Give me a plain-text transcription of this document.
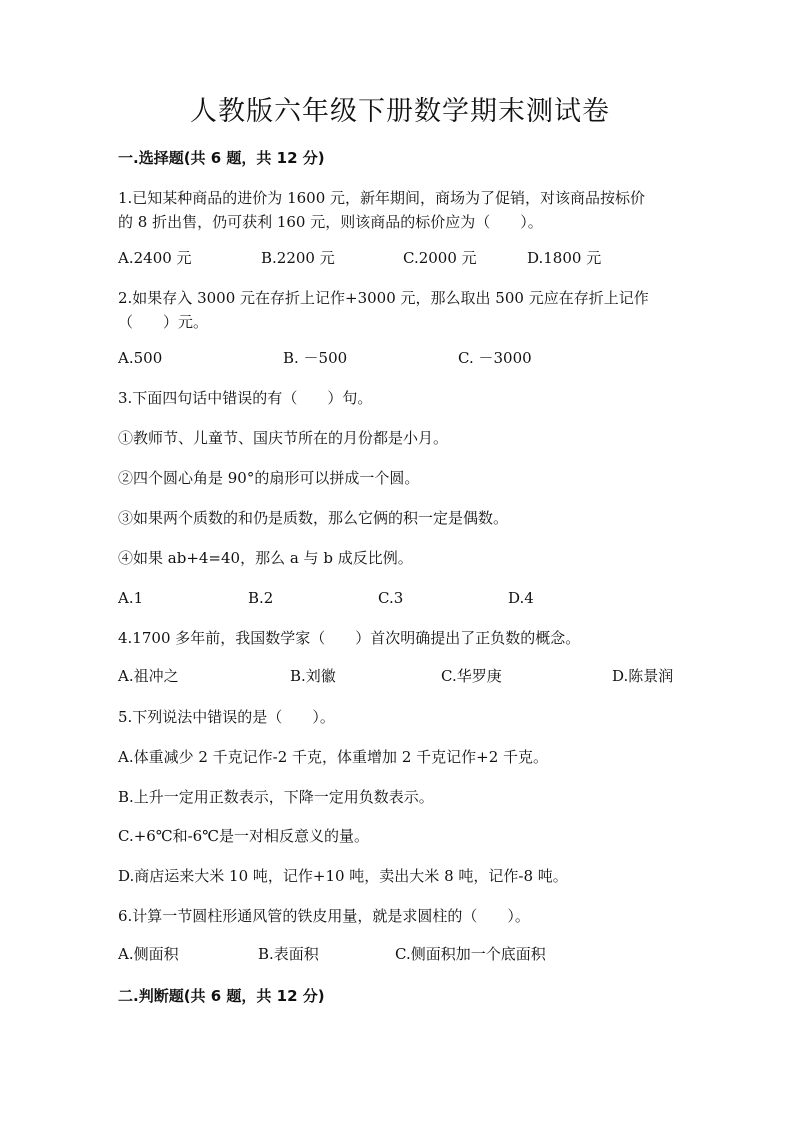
人教版六年级下册数学期末测试卷
一.选择题(共 6 题，共 12 分)
1.已知某种商品的进价为 1600 元，新年期间，商场为了促销，对该商品按标价
的 8 折出售，仍可获利 160 元，则该商品的标价应为（　　）。
A.2400 元	B.2200 元	C.2000 元	D.1800 元
2.如果存入 3000 元在存折上记作+3000 元，那么取出 500 元应在存折上记作
（　　）元。
A.500	B. －500	C. －3000
3.下面四句话中错误的有（　　）句。
①教师节、儿童节、国庆节所在的月份都是小月。
②四个圆心角是 90°的扇形可以拼成一个圆。
③如果两个质数的和仍是质数，那么它俩的积一定是偶数。
④如果 ab+4=40，那么 a 与 b 成反比例。
A.1	B.2	C.3	D.4
4.1700 多年前，我国数学家（　　）首次明确提出了正负数的概念。
A.祖冲之	B.刘徽	C.华罗庚	D.陈景润
5.下列说法中错误的是（　　）。
A.体重减少 2 千克记作-2 千克，体重增加 2 千克记作+2 千克。
B.上升一定用正数表示，下降一定用负数表示。
C.+6℃和-6℃是一对相反意义的量。
D.商店运来大米 10 吨，记作+10 吨，卖出大米 8 吨，记作-8 吨。
6.计算一节圆柱形通风管的铁皮用量，就是求圆柱的（　　）。
A.侧面积	B.表面积	C.侧面积加一个底面积
二.判断题(共 6 题，共 12 分)
